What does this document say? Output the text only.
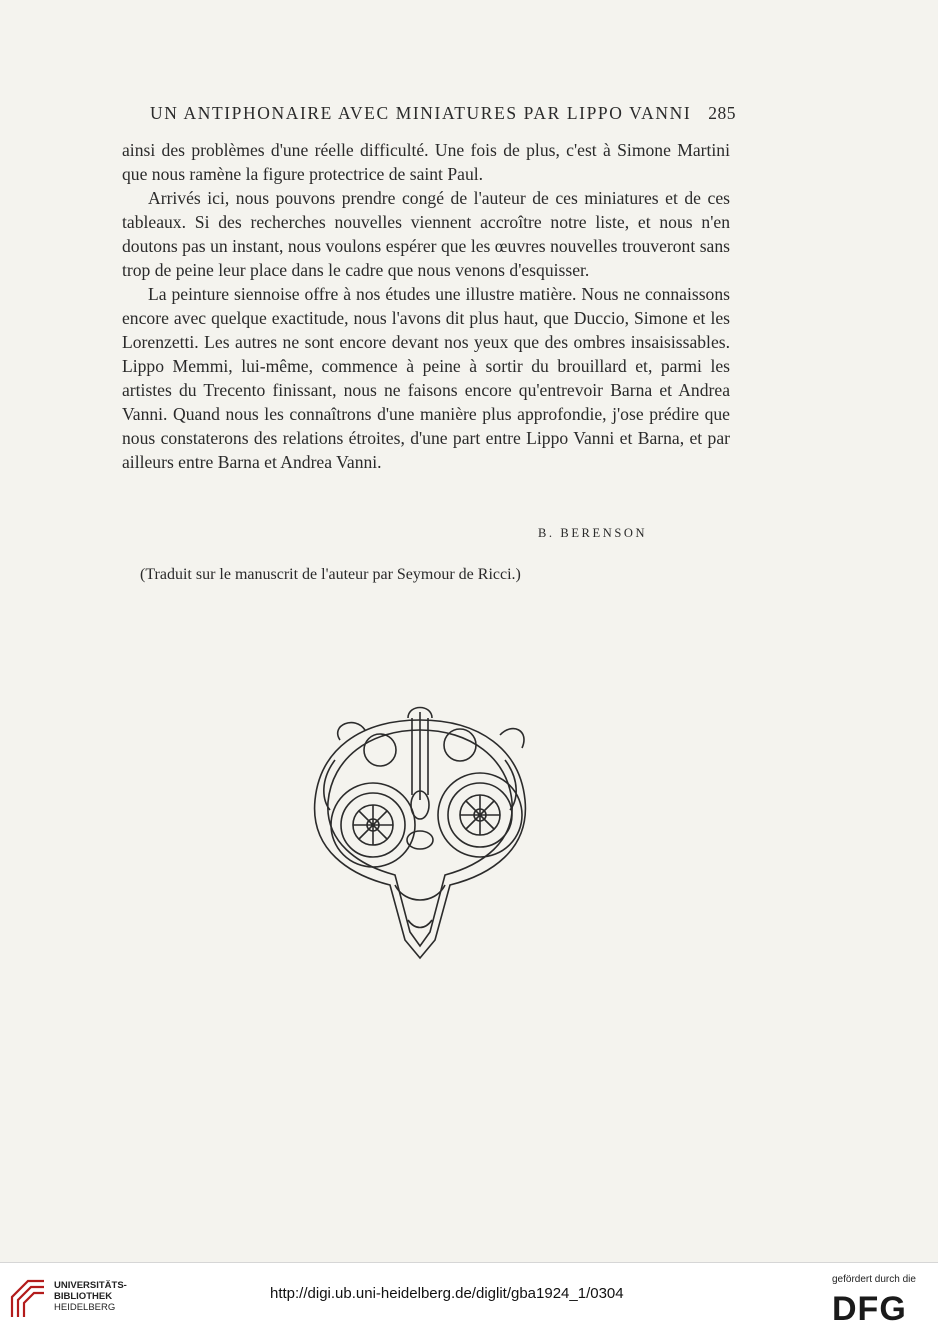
UN ANTIPHONAIRE AVEC MINIATURES PAR LIPPO VANNI 285

ainsi des problèmes d'une réelle difficulté. Une fois de plus, c'est à Simone Martini que nous ramène la figure protectrice de saint Paul.

Arrivés ici, nous pouvons prendre congé de l'auteur de ces miniatures et de ces tableaux. Si des recherches nouvelles viennent accroître notre liste, et nous n'en doutons pas un instant, nous voulons espérer que les œuvres nouvelles trouveront sans trop de peine leur place dans le cadre que nous venons d'esquisser.

La peinture siennoise offre à nos études une illustre matière. Nous ne connaissons encore avec quelque exactitude, nous l'avons dit plus haut, que Duccio, Simone et les Lorenzetti. Les autres ne sont encore devant nos yeux que des ombres insaisissables. Lippo Memmi, lui-même, commence à peine à sortir du brouillard et, parmi les artistes du Trecento finissant, nous ne faisons encore qu'entrevoir Barna et Andrea Vanni. Quand nous les connaîtrons d'une manière plus approfondie, j'ose prédire que nous constaterons des relations étroites, d'une part entre Lippo Vanni et Barna, et par ailleurs entre Barna et Andrea Vanni.

B. BERENSON
(Traduit sur le manuscrit de l'auteur par Seymour de Ricci.)
UNIVERSITÄTS-
BIBLIOTHEK
HEIDELBERG
http://digi.ub.uni-heidelberg.de/diglit/gba1924_1/0304
gefördert durch die
DFG
